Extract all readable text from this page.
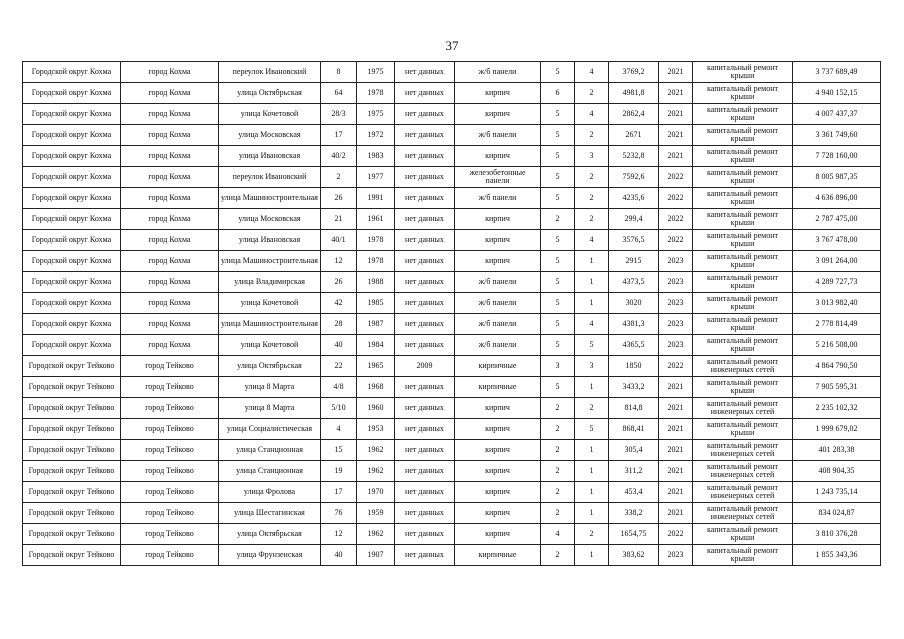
37
Городской округ Кохма	город Кохма	переулок Ивановский	8	1975	нет данных	ж/б панели	5	4	3769,2	2021	капитальный ремонт крыши	3 737 689,49
Городской округ Кохма	город Кохма	улица Октябрьская	64	1978	нет данных	кирпич	6	2	4981,8	2021	капитальный ремонт крыши	4 940 152,15
Городской округ Кохма	город Кохма	улица Кочетовой	28/3	1975	нет данных	кирпич	5	4	2862,4	2021	капитальный ремонт крыши	4 007 437,37
Городской округ Кохма	город Кохма	улица Московская	17	1972	нет данных	ж/б панели	5	2	2671	2021	капитальный ремонт крыши	3 361 749,60
Городской округ Кохма	город Кохма	улица Ивановская	40/2	1983	нет данных	кирпич	5	3	5232,8	2021	капитальный ремонт крыши	7 728 160,00
Городской округ Кохма	город Кохма	переулок Ивановский	2	1977	нет данных	железобетонные панели	5	2	7592,6	2022	капитальный ремонт крыши	8 005 987,35
Городской округ Кохма	город Кохма	улица Машиностроительная	26	1991	нет данных	ж/б панели	5	2	4235,6	2022	капитальный ремонт крыши	4 636 896,00
Городской округ Кохма	город Кохма	улица Московская	21	1961	нет данных	кирпич	2	2	299,4	2022	капитальный ремонт крыши	2 787 475,00
Городской округ Кохма	город Кохма	улица Ивановская	40/1	1978	нет данных	кирпич	5	4	3576,5	2022	капитальный ремонт крыши	3 767 478,00
Городской округ Кохма	город Кохма	улица Машиностроительная	12	1978	нет данных	кирпич	5	1	2915	2023	капитальный ремонт крыши	3 091 264,00
Городской округ Кохма	город Кохма	улица Владимирская	26	1988	нет данных	ж/б панели	5	1	4373,5	2023	капитальный ремонт крыши	4 289 727,73
Городской округ Кохма	город Кохма	улица Кочетовой	42	1985	нет данных	ж/б панели	5	1	3020	2023	капитальный ремонт крыши	3 013 982,40
Городской округ Кохма	город Кохма	улица Машиностроительная	28	1987	нет данных	ж/б панели	5	4	4381,3	2023	капитальный ремонт крыши	2 778 814,49
Городской округ Кохма	город Кохма	улица Кочетовой	40	1984	нет данных	ж/б панели	5	5	4365,5	2023	капитальный ремонт крыши	5 216 508,00
Городской округ Тейково	город Тейково	улица Октябрьская	22	1965	2009	кирпичные	3	3	1850	2022	капитальный ремонт инженерных сетей	4 864 790,50
Городской округ Тейково	город Тейково	улица 8 Марта	4/8	1968	нет данных	кирпичные	5	1	3433,2	2021	капитальный ремонт крыши	7 905 595,31
Городской округ Тейково	город Тейково	улица 8 Марта	5/10	1960	нет данных	кирпич	2	2	814,8	2021	капитальный ремонт инженерных сетей	2 235 102,32
Городской округ Тейково	город Тейково	улица Социалистическая	4	1953	нет данных	кирпич	2	5	868,41	2021	капитальный ремонт крыши	1 999 679,02
Городской округ Тейково	город Тейково	улица Станционная	15	1962	нет данных	кирпич	2	1	305,4	2021	капитальный ремонт инженерных сетей	401 283,38
Городской округ Тейково	город Тейково	улица Станционная	19	1962	нет данных	кирпич	2	1	311,2	2021	капитальный ремонт инженерных сетей	408 904,35
Городской округ Тейково	город Тейково	улица Фролова	17	1970	нет данных	кирпич	2	1	453,4	2021	капитальный ремонт инженерных сетей	1 243 735,14
Городской округ Тейково	город Тейково	улица Шестагинская	76	1959	нет данных	кирпич	2	1	338,2	2021	капитальный ремонт инженерных сетей	834 024,87
Городской округ Тейково	город Тейково	улица Октябрьская	12	1962	нет данных	кирпич	4	2	1654,75	2022	капитальный ремонт крыши	3 810 376,28
Городской округ Тейково	город Тейково	улица Фрунзенская	40	1907	нет данных	кирпичные	2	1	383,62	2023	капитальный ремонт крыши	1 855 343,36
